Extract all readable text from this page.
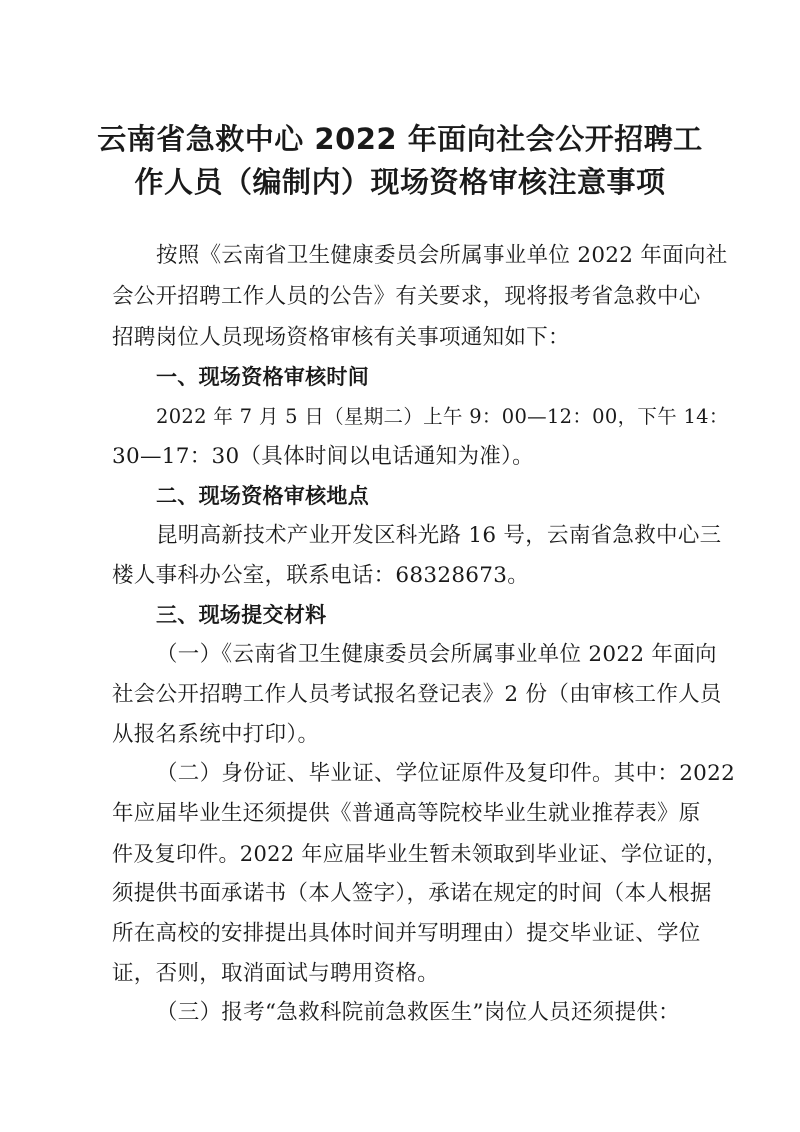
云南省急救中心 2022 年面向社会公开招聘工
作人员（编制内）现场资格审核注意事项
按照《云南省卫生健康委员会所属事业单位 2022 年面向社
会公开招聘工作人员的公告》有关要求，现将报考省急救中心
招聘岗位人员现场资格审核有关事项通知如下：
一、现场资格审核时间
2022 年 7 月 5 日（星期二）上午 9：00—12：00，下午 14：
30—17：30（具体时间以电话通知为准）。
二、现场资格审核地点
昆明高新技术产业开发区科光路 16 号，云南省急救中心三
楼人事科办公室，联系电话：68328673。
三、现场提交材料
（一）《云南省卫生健康委员会所属事业单位 2022 年面向
社会公开招聘工作人员考试报名登记表》2 份（由审核工作人员
从报名系统中打印）。
（二）身份证、毕业证、学位证原件及复印件。其中：2022
年应届毕业生还须提供《普通高等院校毕业生就业推荐表》原
件及复印件。2022 年应届毕业生暂未领取到毕业证、学位证的，
须提供书面承诺书（本人签字），承诺在规定的时间（本人根据
所在高校的安排提出具体时间并写明理由）提交毕业证、学位
证，否则，取消面试与聘用资格。
（三）报考“急救科院前急救医生”岗位人员还须提供：
